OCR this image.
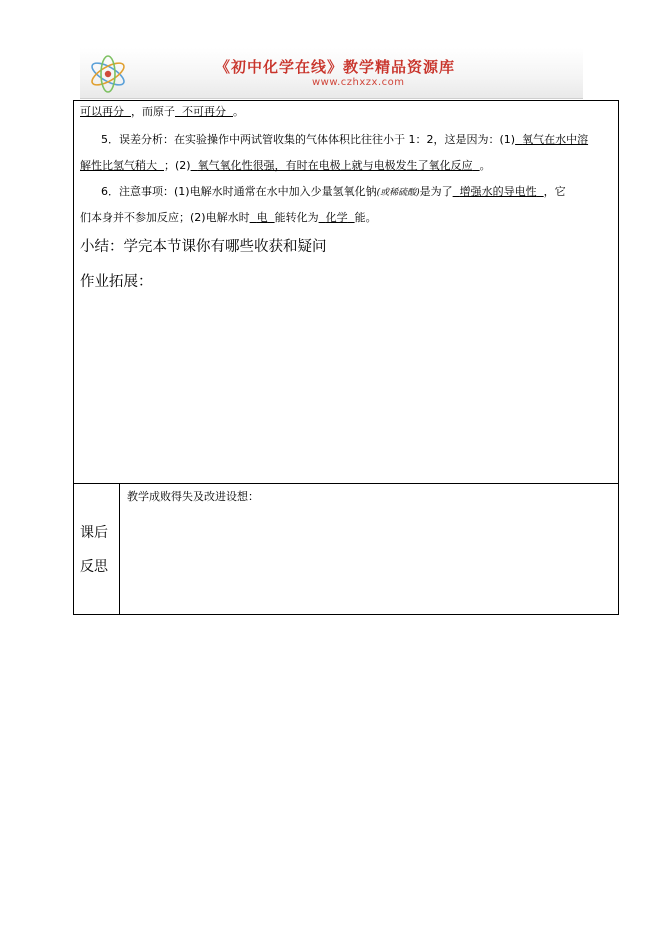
《初中化学在线》教学精品资源库
www.czhxzx.com
可以再分 ，而原子 不可再分 。
5．误差分析：在实验操作中两试管收集的气体体积比往往小于 1：2，这是因为：(1) 氧气在水中溶
解性比氢气稍大 ；(2) 氧气氧化性很强，有时在电极上就与电极发生了氧化反应 。
6．注意事项：(1)电解水时通常在水中加入少量氢氧化钠(或稀硫酸)是为了 增强水的导电性 ，它
们本身并不参加反应；(2)电解水时 电 能转化为 化学 能。
小结：学完本节课你有哪些收获和疑问
作业拓展：
课后
反思
教学成败得失及改进设想：
